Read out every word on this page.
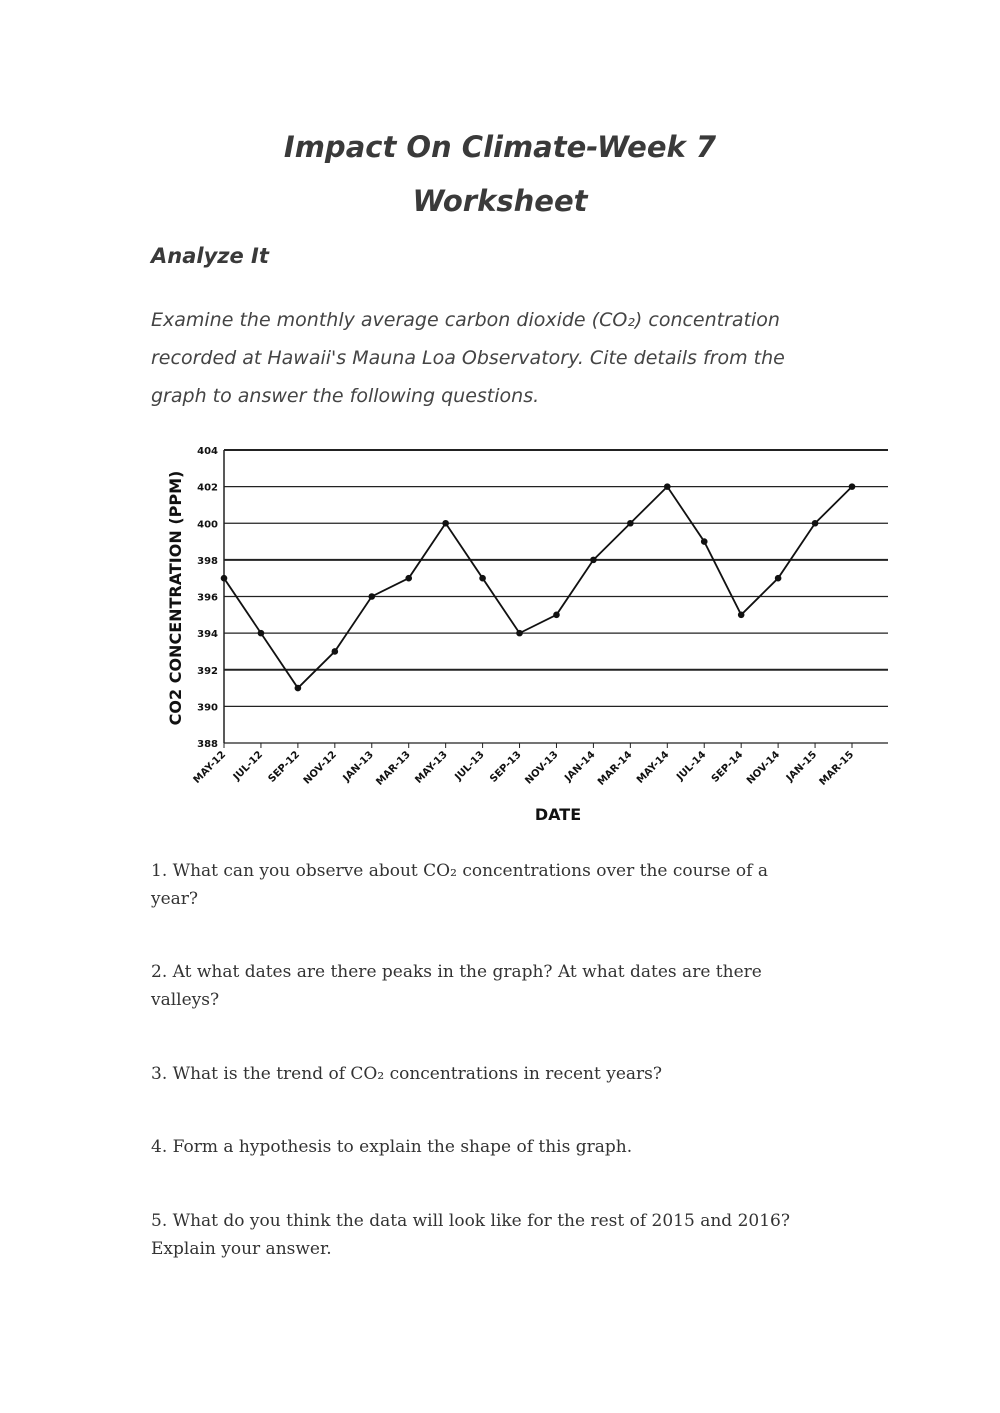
Impact On Climate-Week 7
Worksheet
Analyze It
Examine the monthly average carbon dioxide (CO₂) concentration
recorded at Hawaii's Mauna Loa Observatory. Cite details from the
graph to answer the following questions.
388
390
392
394
396
398
400
402
404
MAY-12 JUL-12 SEP-12 NOV-12 JAN-13
MAR-13 MAY-13 JUL-13 SEP-13 NOV-13 JAN-14
MAR-14 MAY-14 JUL-14 SEP-14 NOV-14 JAN-15
MAR-15
CO2 CONCENTRATION (PPM)
DATE
1. What can you observe about CO₂ concentrations over the course of a
year?
2. At what dates are there peaks in the graph? At what dates are there
valleys?
3. What is the trend of CO₂ concentrations in recent years?
4. Form a hypothesis to explain the shape of this graph.
5. What do you think the data will look like for the rest of 2015 and 2016?
Explain your answer.
